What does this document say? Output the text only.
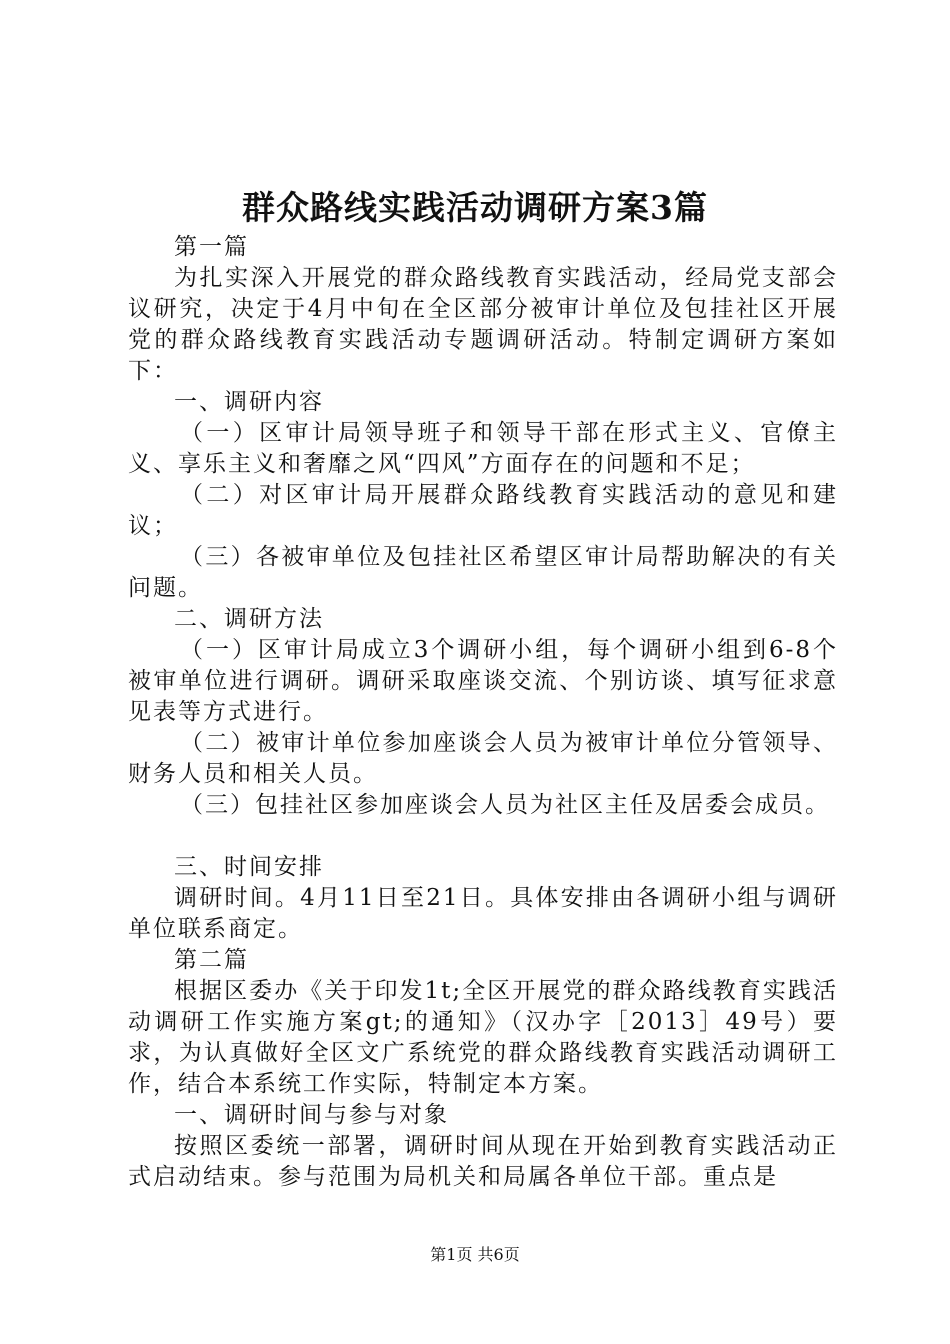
群众路线实践活动调研方案3篇

第一篇

为扎实深入开展党的群众路线教育实践活动，经局党支部会议研究，决定于4月中旬在全区部分被审计单位及包挂社区开展党的群众路线教育实践活动专题调研活动。特制定调研方案如下：

一、调研内容

（一）区审计局领导班子和领导干部在形式主义、官僚主义、享乐主义和奢靡之风“四风”方面存在的问题和不足；

（二）对区审计局开展群众路线教育实践活动的意见和建议；

（三）各被审单位及包挂社区希望区审计局帮助解决的有关问题。

二、调研方法

（一）区审计局成立3个调研小组，每个调研小组到6-8个被审单位进行调研。调研采取座谈交流、个别访谈、填写征求意见表等方式进行。

（二）被审计单位参加座谈会人员为被审计单位分管领导、财务人员和相关人员。

（三）包挂社区参加座谈会人员为社区主任及居委会成员。

三、时间安排

调研时间。4月11日至21日。具体安排由各调研小组与调研单位联系商定。

第二篇

根据区委办《关于印发1t;全区开展党的群众路线教育实践活动调研工作实施方案gt;的通知》（汉办字［2013］49号）要求，为认真做好全区文广系统党的群众路线教育实践活动调研工作，结合本系统工作实际，特制定本方案。

一、调研时间与参与对象

按照区委统一部署，调研时间从现在开始到教育实践活动正式启动结束。参与范围为局机关和局属各单位干部。重点是

第1页 共6页
